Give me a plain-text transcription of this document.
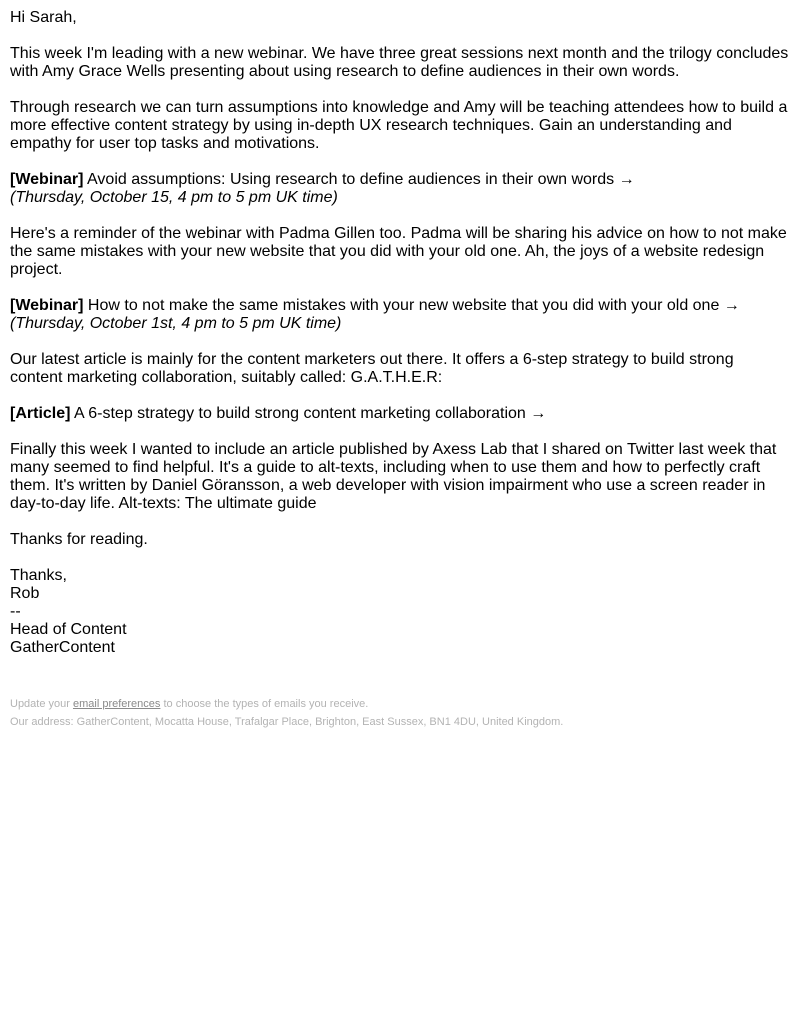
Hi Sarah,

This week I'm leading with a new webinar. We have three great sessions next month and the trilogy concludes with Amy Grace Wells presenting about using research to define audiences in their own words.

Through research we can turn assumptions into knowledge and Amy will be teaching attendees how to build a more effective content strategy by using in-depth UX research techniques. Gain an understanding and empathy for user top tasks and motivations.

[Webinar] Avoid assumptions: Using research to define audiences in their own words →
(Thursday, October 15, 4 pm to 5 pm UK time)

Here's a reminder of the webinar with Padma Gillen too. Padma will be sharing his advice on how to not make the same mistakes with your new website that you did with your old one. Ah, the joys of a website redesign project.

[Webinar] How to not make the same mistakes with your new website that you did with your old one →
(Thursday, October 1st, 4 pm to 5 pm UK time)

Our latest article is mainly for the content marketers out there. It offers a 6-step strategy to build strong content marketing collaboration, suitably called: G.A.T.H.E.R:

[Article] A 6-step strategy to build strong content marketing collaboration →

Finally this week I wanted to include an article published by Axess Lab that I shared on Twitter last week that many seemed to find helpful. It's a guide to alt-texts, including when to use them and how to perfectly craft them. It's written by Daniel Göransson, a web developer with vision impairment who use a screen reader in day-to-day life. Alt-texts: The ultimate guide

Thanks for reading.

Thanks,
Rob
--
Head of Content
GatherContent

Update your email preferences to choose the types of emails you receive.

Our address: GatherContent, Mocatta House, Trafalgar Place, Brighton, East Sussex, BN1 4DU, United Kingdom.
